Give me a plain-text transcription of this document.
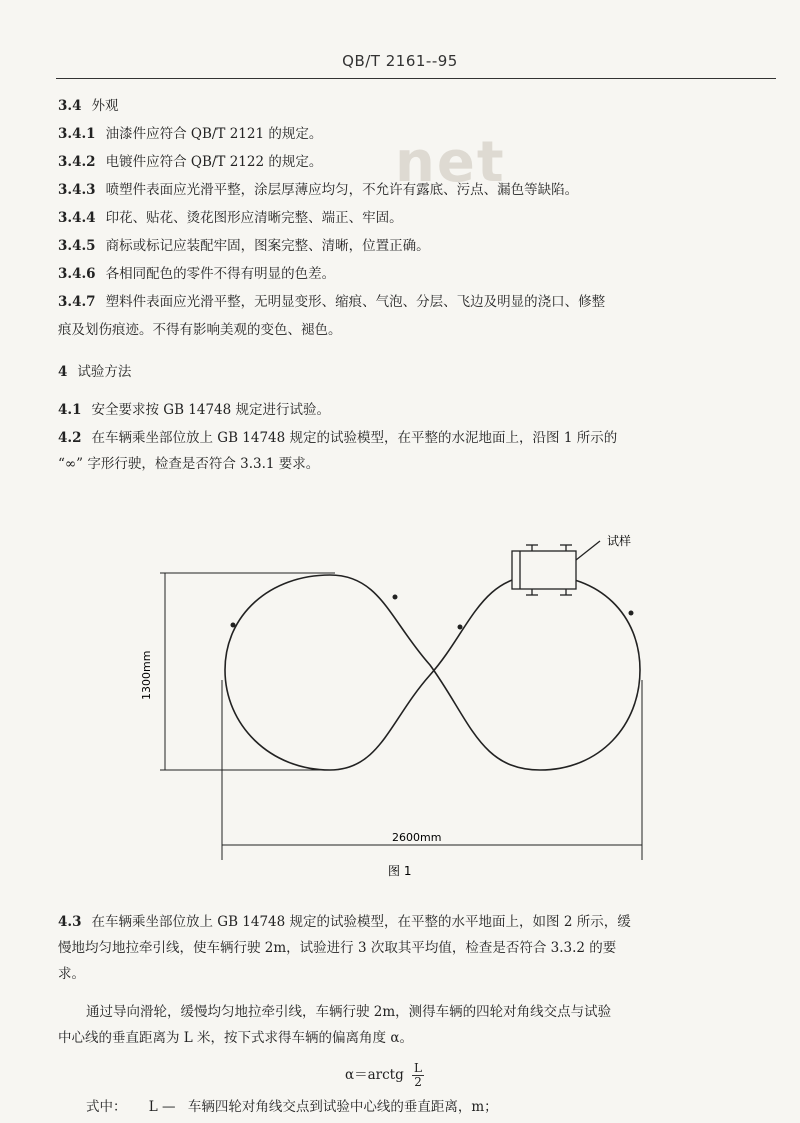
QB/T 2161--95
net
3.4 外观
3.4.1 油漆件应符合 QB/T 2121 的规定。
3.4.2 电镀件应符合 QB/T 2122 的规定。
3.4.3 喷塑件表面应光滑平整，涂层厚薄应均匀，不允许有露底、污点、漏色等缺陷。
3.4.4 印花、贴花、烫花图形应清晰完整、端正、牢固。
3.4.5 商标或标记应装配牢固，图案完整、清晰，位置正确。
3.4.6 各相同配色的零件不得有明显的色差。
3.4.7 塑料件表面应光滑平整，无明显变形、缩痕、气泡、分层、飞边及明显的浇口、修整
痕及划伤痕迹。不得有影响美观的变色、褪色。
4 试验方法
4.1 安全要求按 GB 14748 规定进行试验。
4.2 在车辆乘坐部位放上 GB 14748 规定的试验模型，在平整的水泥地面上，沿图 1 所示的
“∞” 字形行驶，检查是否符合 3.3.1 要求。
试样
1300mm
2600mm
图 1
4.3 在车辆乘坐部位放上 GB 14748 规定的试验模型，在平整的水平地面上，如图 2 所示，缓
慢地均匀地拉牵引线，使车辆行驶 2m，试验进行 3 次取其平均值，检查是否符合 3.3.2 的要
求。
通过导向滑轮，缓慢均匀地拉牵引线，车辆行驶 2m，测得车辆的四轮对角线交点与试验
中心线的垂直距离为 L 米，按下式求得车辆的偏离角度 α。
α＝arctg $\frac{L}{2}$
式中： L — 车辆四轮对角线交点到试验中心线的垂直距离，m；
